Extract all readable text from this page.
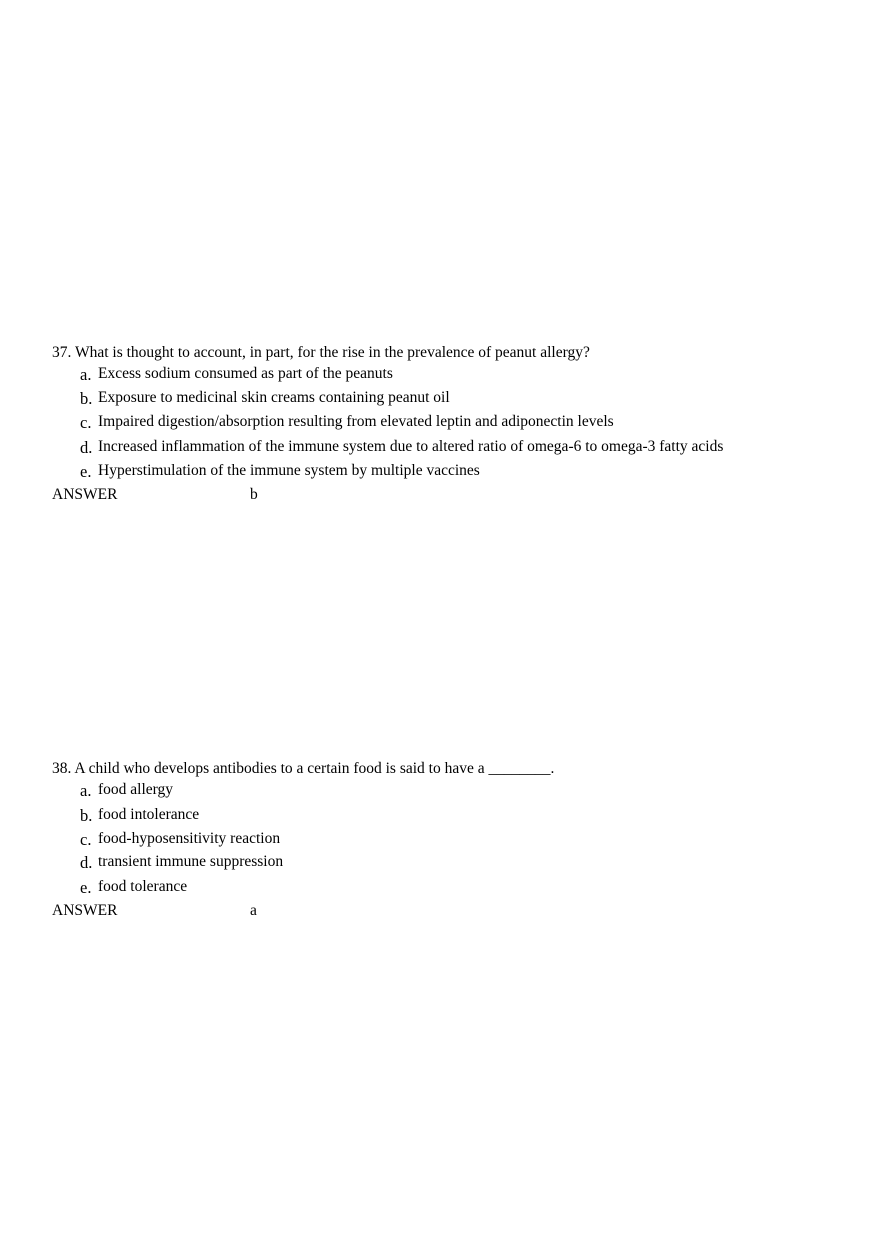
37. What is thought to account, in part, for the rise in the prevalence of peanut allergy?
a. Excess sodium consumed as part of the peanuts
b. Exposure to medicinal skin creams containing peanut oil
c. Impaired digestion/absorption resulting from elevated leptin and adiponectin levels
d. Increased inflammation of the immune system due to altered ratio of omega-6 to omega-3 fatty acids
e. Hyperstimulation of the immune system by multiple vaccines
ANSWER	b
38. A child who develops antibodies to a certain food is said to have a ________.
a. food allergy
b. food intolerance
c. food-hyposensitivity reaction
d. transient immune suppression
e. food tolerance
ANSWER	a
